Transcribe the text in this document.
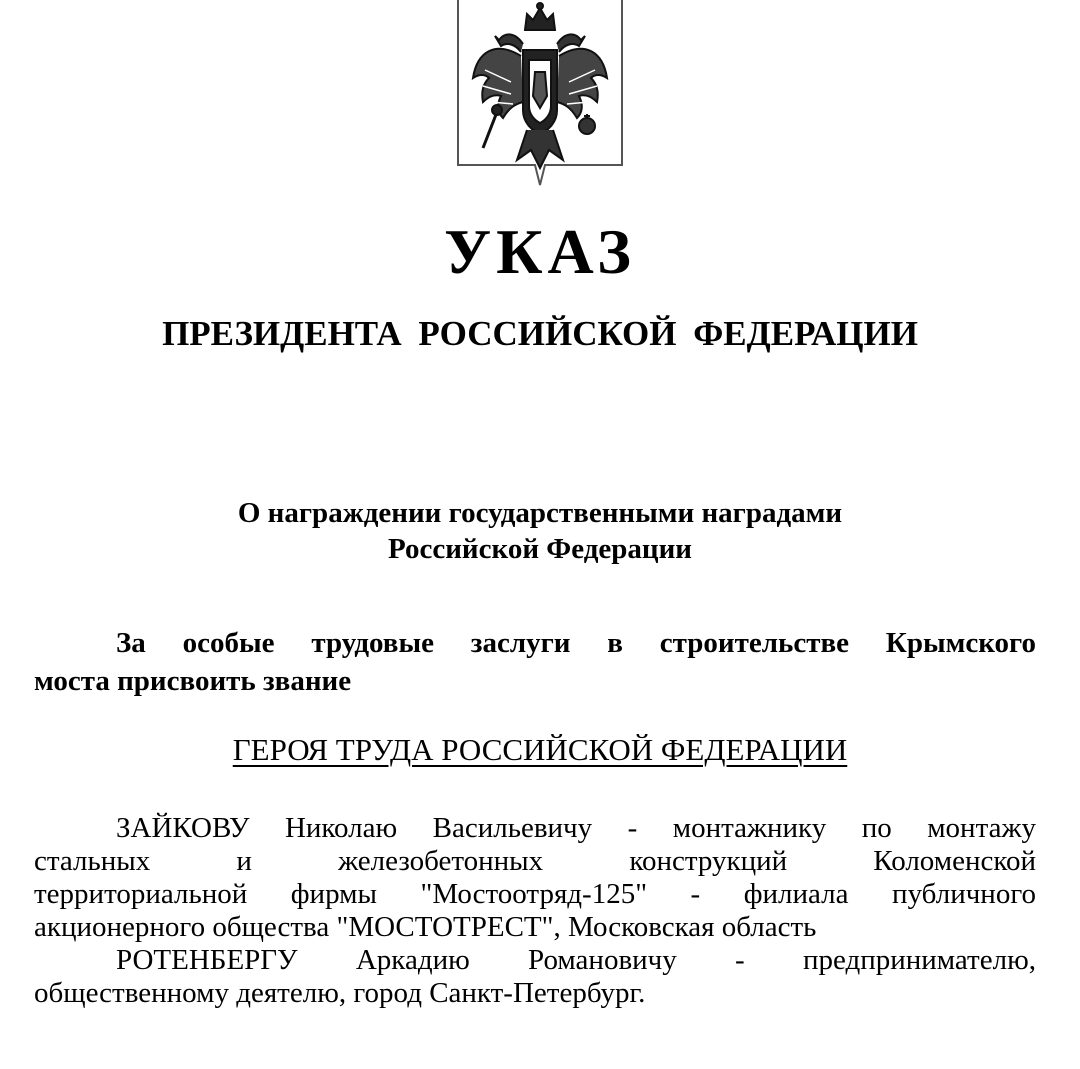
УКАЗ
ПРЕЗИДЕНТА РОССИЙСКОЙ ФЕДЕРАЦИИ
О награждении государственными наградами
Российской Федерации
За особые трудовые заслуги в строительстве Крымского
моста присвоить звание
ГЕРОЯ ТРУДА РОССИЙСКОЙ ФЕДЕРАЦИИ
ЗАЙКОВУ Николаю Васильевичу - монтажнику по монтажу
стальных и железобетонных конструкций Коломенской
территориальной фирмы "Мостоотряд-125" - филиала публичного
акционерного общества "МОСТОТРЕСТ", Московская область
РОТЕНБЕРГУ Аркадию Романовичу - предпринимателю,
общественному деятелю, город Санкт-Петербург.
